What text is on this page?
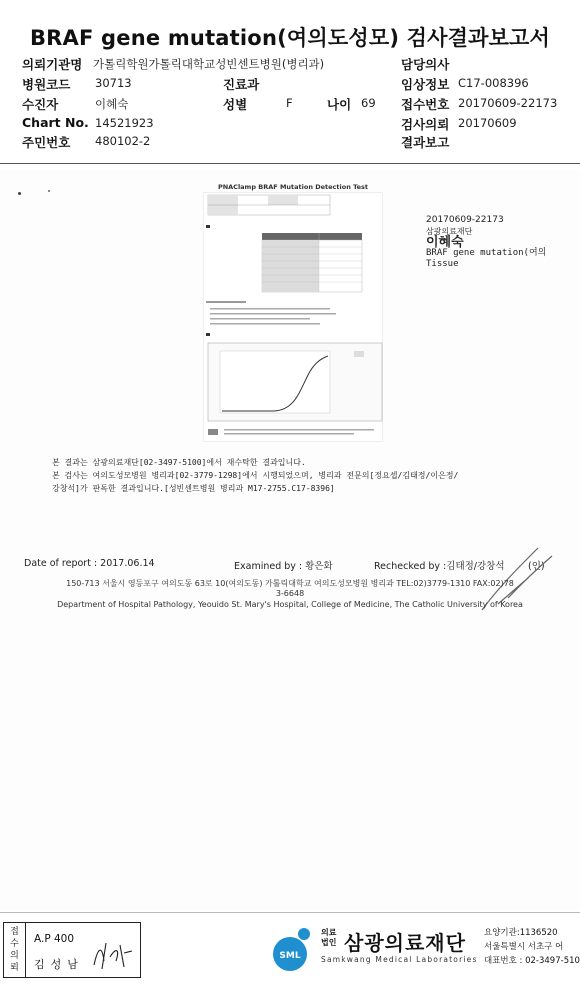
BRAF gene mutation(여의도성모) 검사결과보고서
의뢰기관명 가톨릭학원가톨릭대학교성빈센트병원(병리과)	담당의사
병원코드 30713	진료과	임상정보 C17-008396
수진자	이혜숙	성별	F	나이 69 접수번호 20170609-22173
Chart No. 14521923	검사의뢰 20170609
주민번호 480102-2	결과보고
PNAClamp BRAF Mutation Detection Test
20170609-22173
삼광의료재단
이혜숙
BRAF gene mutation(여의
Tissue
본 결과는 삼광의료재단[02-3497-5100]에서 재수탁한 결과입니다.
본 검사는 여의도성모병원 병리과[02-3779-1298]에서 시행되었으며, 병리과 전문의[정요셉/김태정/이은정/
강창석]가 판독한 결과입니다.[성빈센트병원 병리과 M17-2755.C17-8396]
Date of report : 2017.06.14	Examined by : 황은화	Rechecked by :김태정/강창석 (인)
150-713 서울시 영등포구 여의도동 63로 10(여의도동) 가톨릭대학교 여의도성모병원 병리과 TEL:02)3779-1310 FAX:02)78
3-6648
Department of Hospital Pathology, Yeouido St. Mary's Hospital, College of Medicine, The Catholic University of Korea
접수의뢰
A.P 400
김성남
SML
의료
법인 삼광의료재단
Samkwang Medical Laboratories
요양기관:1136520
서울특별시 서초구 어
대표번호 : 02-3497-510
